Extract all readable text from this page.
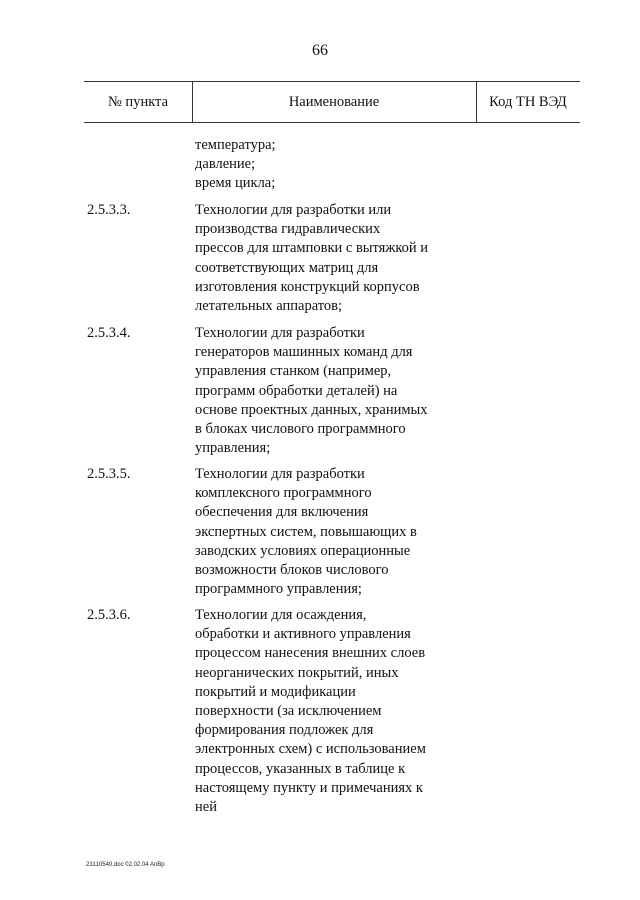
66
№ пункта	Наименование	Код ТН ВЭД
температура;
давление;
время цикла;
2.5.3.3.	Технологии для разработки или
производства гидравлических
прессов для штамповки с вытяжкой и
соответствующих матриц для
изготовления конструкций корпусов
летательных аппаратов;
2.5.3.4.	Технологии для разработки
генераторов машинных команд для
управления станком (например,
программ обработки деталей) на
основе проектных данных, хранимых
в блоках числового программного
управления;
2.5.3.5.	Технологии для разработки
комплексного программного
обеспечения для включения
экспертных систем, повышающих в
заводских условиях операционные
возможности блоков числового
программного управления;
2.5.3.6.	Технологии для осаждения,
обработки и активного управления
процессом нанесения внешних слоев
неорганических покрытий, иных
покрытий и модификации
поверхности (за исключением
формирования подложек для
электронных схем) с использованием
процессов, указанных в таблице к
настоящему пункту и примечаниях к
ней
23110540.doc 02.02.04 AnBp
